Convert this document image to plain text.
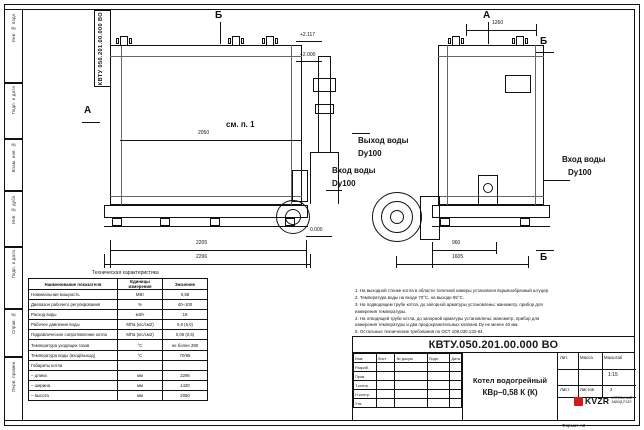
Инв. № подл.
Подп. и дата
Взам. инв. №
Инв. № дубл.
Подп. и дата
Справ. №
Перв. примен.
КВТУ 050.201.00.000 ВО	Б
А
см. п. 1
+2.117
+2.000
0.000
2050
2205
2296
Выход воды
Dy100
Вход воды
Dy100
А
Б
Б
Вход воды
Dy100
1260
960
1605
Техническая характеристика
Наименование показателя	Единицы измерения	Значение
Номинальная мощность	МВт	0,58
Диапазон рабочего регулирования	%	40–100
Расход воды	м3/ч	19
Рабочее давление воды	МПа (кгс/см2)	0,6 (6,0)
Гидравлическое сопротивление котла	МПа (кгс/см2)	0,06 (0,6)
Температура уходящих газов	°C	не более 280
Температура воды (вход/выход)	°C	70/95
Габариты котла		
– длина	мм	2296
– ширина	мм	1430
– высота	мм	2050
1. На выходной стенке котла в области топочной камеры установлен взрывообразный штуцер.
2. Температура воды на входе 70°С, на выходе 95°С.
3. На подводящем трубе котла, до запорной арматуры установлены: манометр, прибор для
измерения температуры.
4. На отводящей трубе котла, до запорной арматуры установлены: манометр, прибор для
измерения температуры и два предохранительных клапана Dy не менее 40 мм.
5. Остальные технические требования по ОСТ 108.030.133-84.
КВТУ.050.201.00.000 ВО
Изм.	Лист	№ докум.	Подп.	Дата
Разраб.				
Пров.				
Т.контр.				
Н.контр.				
Утв.				
Котел водогрейный
КВр–0,58 К (К)
Лит.	Масса	Масштаб
1:15
Лист Листов	2
KVZR КОТЕЛЬНЫЙ
ЗАВОД Р1ЗЛ
Формат A3
